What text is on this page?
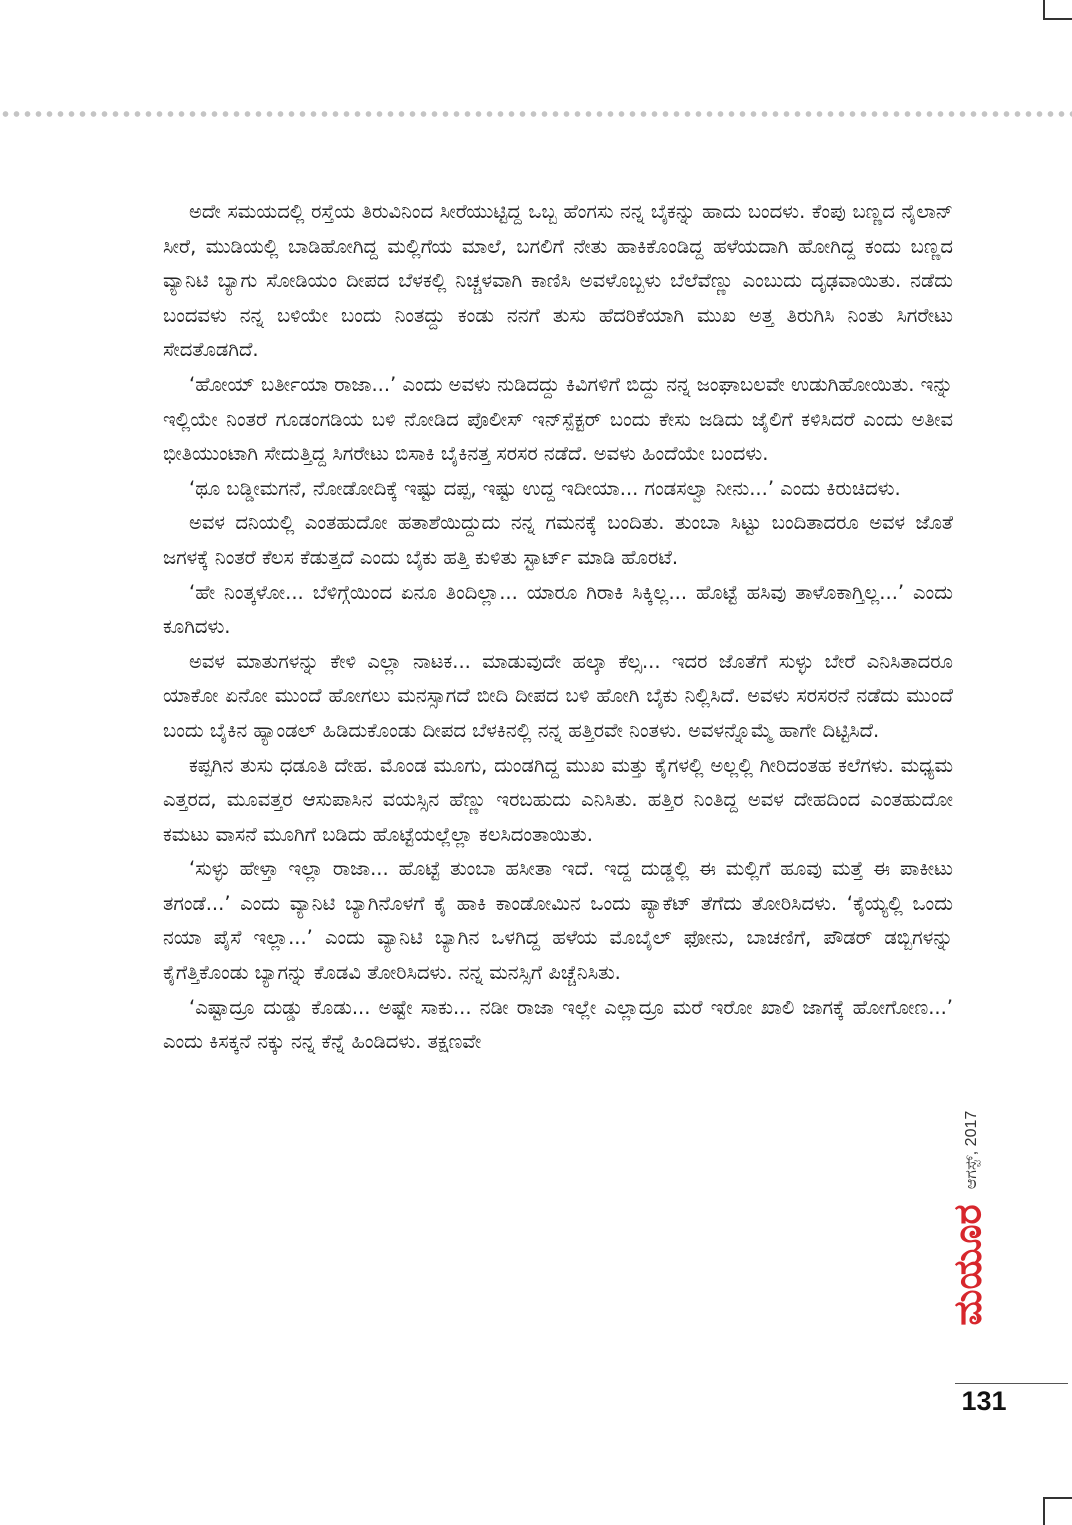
ಅದೇ ಸಮಯದಲ್ಲಿ ರಸ್ತೆಯ ತಿರುವಿನಿಂದ ಸೀರೆಯುಟ್ಟಿದ್ದ ಒಬ್ಬ ಹೆಂಗಸು ನನ್ನ ಬೈಕನ್ನು ಹಾದು ಬಂದಳು. ಕೆಂಪು ಬಣ್ಣದ ನೈಲಾನ್ ಸೀರೆ, ಮುಡಿಯಲ್ಲಿ ಬಾಡಿಹೋಗಿದ್ದ ಮಲ್ಲಿಗೆಯ ಮಾಲೆ, ಬಗಲಿಗೆ ನೇತು ಹಾಕಿಕೊಂಡಿದ್ದ ಹಳೆಯದಾಗಿ ಹೋಗಿದ್ದ ಕಂದು ಬಣ್ಣದ ವ್ಯಾನಿಟಿ ಬ್ಯಾಗು ಸೋಡಿಯಂ ದೀಪದ ಬೆಳಕಲ್ಲಿ ನಿಚ್ಚಳವಾಗಿ ಕಾಣಿಸಿ ಅವಳೊಬ್ಬಳು ಬೆಲೆವೆಣ್ಣು ಎಂಬುದು ದೃಢವಾಯಿತು. ನಡೆದು ಬಂದವಳು ನನ್ನ ಬಳಿಯೇ ಬಂದು ನಿಂತದ್ದು ಕಂಡು ನನಗೆ ತುಸು ಹೆದರಿಕೆಯಾಗಿ ಮುಖ ಅತ್ತ ತಿರುಗಿಸಿ ನಿಂತು ಸಿಗರೇಟು ಸೇದತೊಡಗಿದೆ.

‘ಹೋಯ್ ಬರ್ತೀಯಾ ರಾಜಾ...’ ಎಂದು ಅವಳು ನುಡಿದದ್ದು ಕಿವಿಗಳಿಗೆ ಬಿದ್ದು ನನ್ನ ಜಂಘಾಬಲವೇ ಉಡುಗಿಹೋಯಿತು. ಇನ್ನು ಇಲ್ಲಿಯೇ ನಿಂತರೆ ಗೂಡಂಗಡಿಯ ಬಳಿ ನೋಡಿದ ಪೊಲೀಸ್ ಇನ್‌ಸ್ಪೆಕ್ಟರ್ ಬಂದು ಕೇಸು ಜಡಿದು ಜೈಲಿಗೆ ಕಳಿಸಿದರೆ ಎಂದು ಅತೀವ ಭೀತಿಯುಂಟಾಗಿ ಸೇದುತ್ತಿದ್ದ ಸಿಗರೇಟು ಬಿಸಾಕಿ ಬೈಕಿನತ್ತ ಸರಸರ ನಡೆದೆ. ಅವಳು ಹಿಂದೆಯೇ ಬಂದಳು.

‘ಥೂ ಬಡ್ಡೀಮಗನೆ, ನೋಡೋದಿಕ್ಕೆ ಇಷ್ಟು ದಪ್ಪ, ಇಷ್ಟು ಉದ್ದ ಇದೀಯಾ... ಗಂಡಸಲ್ವಾ ನೀನು...’ ಎಂದು ಕಿರುಚಿದಳು.

ಅವಳ ದನಿಯಲ್ಲಿ ಎಂತಹುದೋ ಹತಾಶೆಯಿದ್ದುದು ನನ್ನ ಗಮನಕ್ಕೆ ಬಂದಿತು. ತುಂಬಾ ಸಿಟ್ಟು ಬಂದಿತಾದರೂ ಅವಳ ಜೊತೆ ಜಗಳಕ್ಕೆ ನಿಂತರೆ ಕೆಲಸ ಕೆಡುತ್ತದೆ ಎಂದು ಬೈಕು ಹತ್ತಿ ಕುಳಿತು ಸ್ಟಾರ್ಟ್ ಮಾಡಿ ಹೊರಟೆ.

‘ಹೇ ನಿಂತ್ಕಳೋ... ಬೆಳಿಗ್ಗೆಯಿಂದ ಏನೂ ತಿಂದಿಲ್ಲಾ... ಯಾರೂ ಗಿರಾಕಿ ಸಿಕ್ಕಿಲ್ಲ... ಹೊಟ್ಟೆ ಹಸಿವು ತಾಳೊಕಾಗ್ತಿಲ್ಲ...’ ಎಂದು ಕೂಗಿದಳು.

ಅವಳ ಮಾತುಗಳನ್ನು ಕೇಳಿ ಎಲ್ಲಾ ನಾಟಕ... ಮಾಡುವುದೇ ಹಲ್ಕಾ ಕೆಲ್ಸ... ಇದರ ಜೊತೆಗೆ ಸುಳ್ಳು ಬೇರೆ ಎನಿಸಿತಾದರೂ ಯಾಕೋ ಏನೋ ಮುಂದೆ ಹೋಗಲು ಮನಸ್ಸಾಗದೆ ಬೀದಿ ದೀಪದ ಬಳಿ ಹೋಗಿ ಬೈಕು ನಿಲ್ಲಿಸಿದೆ. ಅವಳು ಸರಸರನೆ ನಡೆದು ಮುಂದೆ ಬಂದು ಬೈಕಿನ ಹ್ಯಾಂಡಲ್ ಹಿಡಿದುಕೊಂಡು ದೀಪದ ಬೆಳಕಿನಲ್ಲಿ ನನ್ನ ಹತ್ತಿರವೇ ನಿಂತಳು. ಅವಳನ್ನೊಮ್ಮೆ ಹಾಗೇ ದಿಟ್ಟಿಸಿದೆ.

ಕಪ್ಪಗಿನ ತುಸು ಧಡೂತಿ ದೇಹ. ಮೊಂಡ ಮೂಗು, ದುಂಡಗಿದ್ದ ಮುಖ ಮತ್ತು ಕೈಗಳಲ್ಲಿ ಅಲ್ಲಲ್ಲಿ ಗೀರಿದಂತಹ ಕಲೆಗಳು. ಮಧ್ಯಮ ಎತ್ತರದ, ಮೂವತ್ತರ ಆಸುಪಾಸಿನ ವಯಸ್ಸಿನ ಹೆಣ್ಣು ಇರಬಹುದು ಎನಿಸಿತು. ಹತ್ತಿರ ನಿಂತಿದ್ದ ಅವಳ ದೇಹದಿಂದ ಎಂತಹುದೋ ಕಮಟು ವಾಸನೆ ಮೂಗಿಗೆ ಬಡಿದು ಹೊಟ್ಟೆಯಲ್ಲೆಲ್ಲಾ ಕಲಸಿದಂತಾಯಿತು.

‘ಸುಳ್ಳು ಹೇಳ್ತಾ ಇಲ್ಲಾ ರಾಜಾ... ಹೊಟ್ಟೆ ತುಂಬಾ ಹಸೀತಾ ಇದೆ. ಇದ್ದ ದುಡ್ಡಲ್ಲಿ ಈ ಮಲ್ಲಿಗೆ ಹೂವು ಮತ್ತೆ ಈ ಪಾಕೀಟು ತಗಂಡೆ...’ ಎಂದು ವ್ಯಾನಿಟಿ ಬ್ಯಾಗಿನೊಳಗೆ ಕೈ ಹಾಕಿ ಕಾಂಡೋಮಿನ ಒಂದು ಪ್ಯಾಕೆಟ್ ತೆಗೆದು ತೋರಿಸಿದಳು. ‘ಕೈಯ್ಯಲ್ಲಿ ಒಂದು ನಯಾ ಪೈಸೆ ಇಲ್ಲಾ...’ ಎಂದು ವ್ಯಾನಿಟಿ ಬ್ಯಾಗಿನ ಒಳಗಿದ್ದ ಹಳೆಯ ಮೊಬೈಲ್ ಫೋನು, ಬಾಚಣಿಗೆ, ಪೌಡರ್ ಡಬ್ಬಿಗಳನ್ನು ಕೈಗೆತ್ತಿಕೊಂಡು ಬ್ಯಾಗನ್ನು ಕೊಡವಿ ತೋರಿಸಿದಳು. ನನ್ನ ಮನಸ್ಸಿಗೆ ಪಿಚ್ಚೆನಿಸಿತು.

‘ಎಷ್ಟಾದ್ರೂ ದುಡ್ಡು ಕೊಡು... ಅಷ್ಟೇ ಸಾಕು... ನಡೀ ರಾಜಾ ಇಲ್ಲೇ ಎಲ್ಲಾದ್ರೂ ಮರೆ ಇರೋ ಖಾಲಿ ಜಾಗಕ್ಕೆ ಹೋಗೋಣ...’ ಎಂದು ಕಿಸಕ್ಕನೆ ನಕ್ಕು ನನ್ನ ಕೆನ್ನೆ ಹಿಂಡಿದಳು. ತಕ್ಷಣವೇ

ಆಗಸ್ಟ್, 2017
ಮಯೂರ
131
